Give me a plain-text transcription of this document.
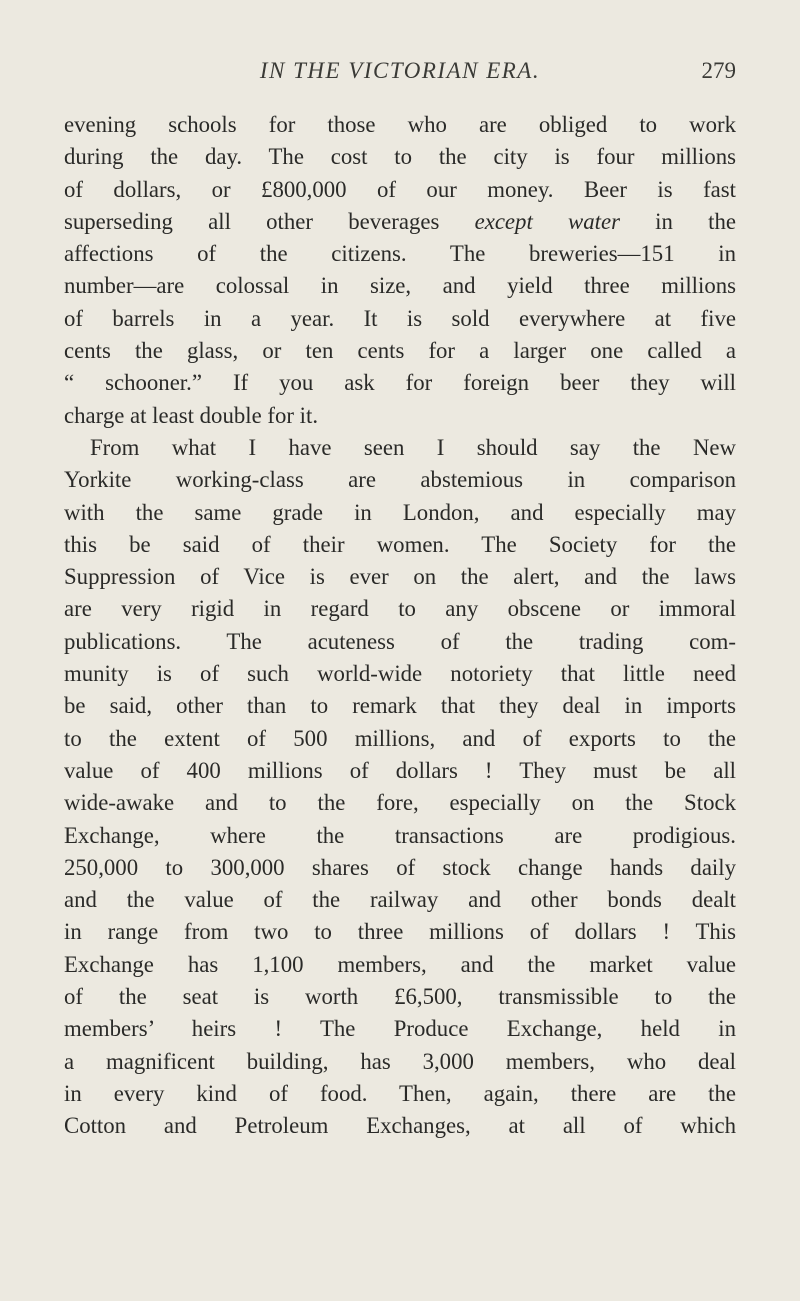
IN THE VICTORIAN ERA.	279
evening schools for those who are obliged to work
during the day. The cost to the city is four millions
of dollars, or £800,000 of our money. Beer is fast
superseding all other beverages except water in the
affections of the citizens. The breweries—151 in
number—are colossal in size, and yield three millions
of barrels in a year. It is sold everywhere at five
cents the glass, or ten cents for a larger one called a
“ schooner.” If you ask for foreign beer they will
charge at least double for it.
From what I have seen I should say the New
Yorkite working-class are abstemious in comparison
with the same grade in London, and especially may
this be said of their women. The Society for the
Suppression of Vice is ever on the alert, and the laws
are very rigid in regard to any obscene or immoral
publications. The acuteness of the trading com-
munity is of such world-wide notoriety that little need
be said, other than to remark that they deal in imports
to the extent of 500 millions, and of exports to the
value of 400 millions of dollars ! They must be all
wide-awake and to the fore, especially on the Stock
Exchange, where the transactions are prodigious.
250,000 to 300,000 shares of stock change hands daily
and the value of the railway and other bonds dealt
in range from two to three millions of dollars ! This
Exchange has 1,100 members, and the market value
of the seat is worth £6,500, transmissible to the
members’ heirs ! The Produce Exchange, held in
a magnificent building, has 3,000 members, who deal
in every kind of food. Then, again, there are the
Cotton and Petroleum Exchanges, at all of which
